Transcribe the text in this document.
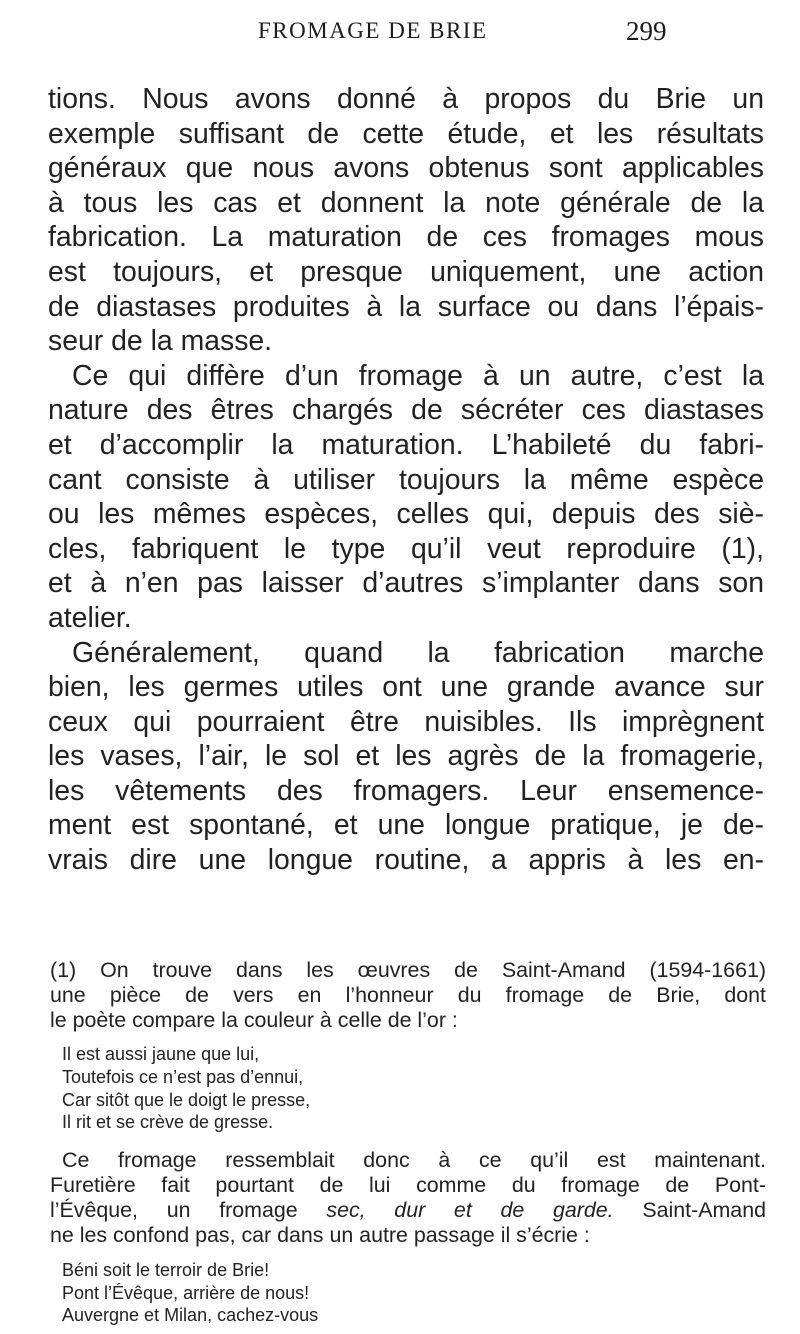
FROMAGE DE BRIE	299
tions. Nous avons donné à propos du Brie un
exemple suffisant de cette étude, et les résultats
généraux que nous avons obtenus sont applicables
à tous les cas et donnent la note générale de la
fabrication. La maturation de ces fromages mous
est toujours, et presque uniquement, une action
de diastases produites à la surface ou dans l’épais-
seur de la masse.
Ce qui diffère d’un fromage à un autre, c’est la
nature des êtres chargés de sécréter ces diastases
et d’accomplir la maturation. L’habileté du fabri-
cant consiste à utiliser toujours la même espèce
ou les mêmes espèces, celles qui, depuis des siè-
cles, fabriquent le type qu’il veut reproduire (1),
et à n’en pas laisser d’autres s’implanter dans son
atelier.
Généralement, quand la fabrication marche
bien, les germes utiles ont une grande avance sur
ceux qui pourraient être nuisibles. Ils imprègnent
les vases, l’air, le sol et les agrès de la fromagerie,
les vêtements des fromagers. Leur ensemence-
ment est spontané, et une longue pratique, je de-
vrais dire une longue routine, a appris à les en-
(1) On trouve dans les œuvres de Saint-Amand (1594-1661)
une pièce de vers en l’honneur du fromage de Brie, dont
le poète compare la couleur à celle de l’or :
Il est aussi jaune que lui,
Toutefois ce n’est pas d’ennui,
Car sitôt que le doigt le presse,
Il rit et se crève de gresse.
Ce fromage ressemblait donc à ce qu’il est maintenant.
Furetière fait pourtant de lui comme du fromage de Pont-
l’Évêque, un fromage sec, dur et de garde. Saint-Amand
ne les confond pas, car dans un autre passage il s’écrie :
Béni soit le terroir de Brie!
Pont l’Évêque, arrière de nous!
Auvergne et Milan, cachez-vous
